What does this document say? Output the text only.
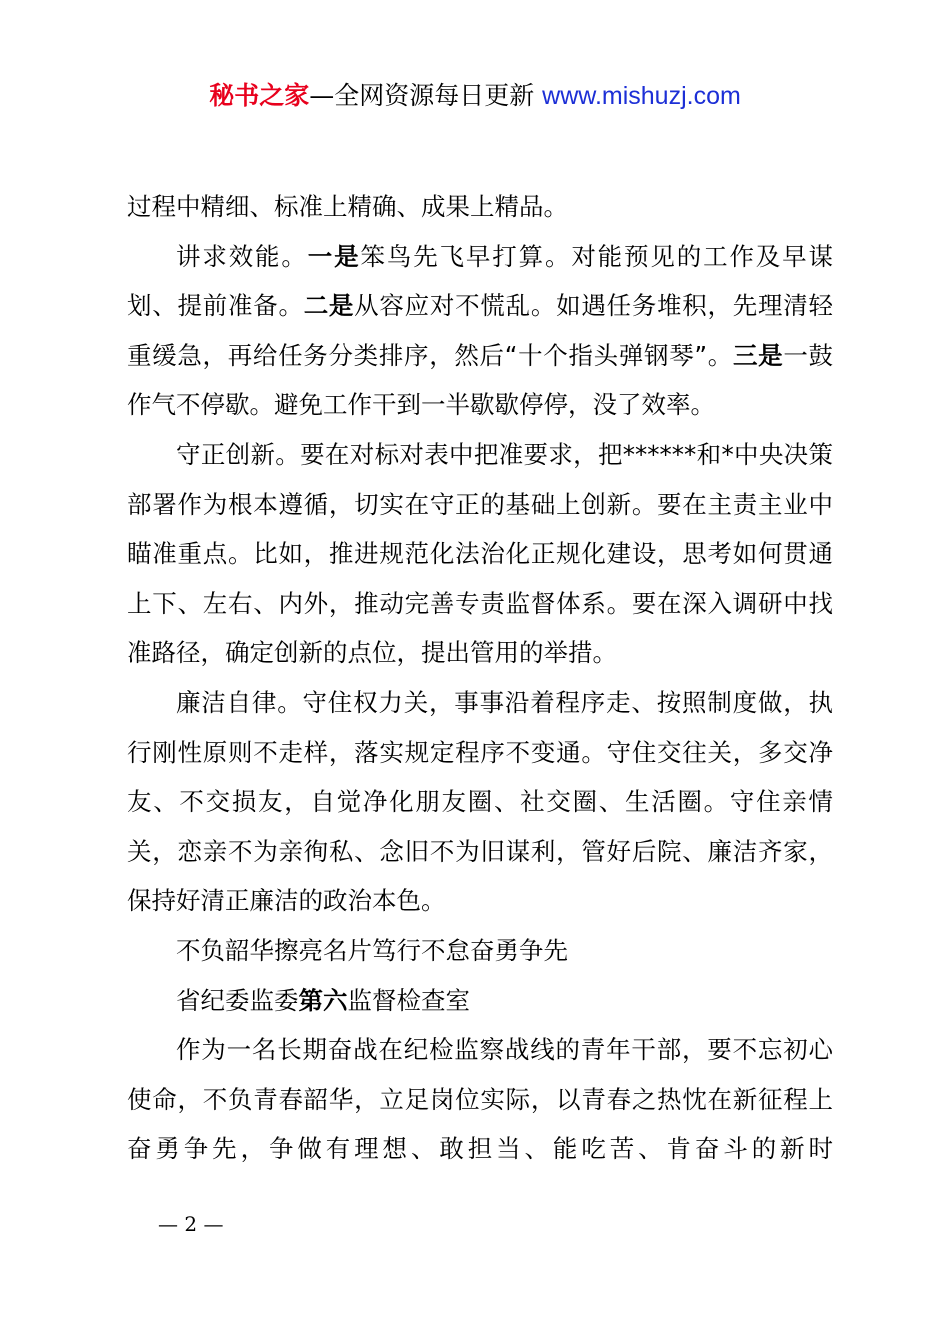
秘书之家—全网资源每日更新 www.mishuzj.com

过程中精细、标准上精确、成果上精品。

讲求效能。一是笨鸟先飞早打算。对能预见的工作及早谋划、提前准备。二是从容应对不慌乱。如遇任务堆积，先理清轻重缓急，再给任务分类排序，然后“十个指头弹钢琴”。三是一鼓作气不停歇。避免工作干到一半歇歇停停，没了效率。

守正创新。要在对标对表中把准要求，把******和*中央决策部署作为根本遵循，切实在守正的基础上创新。要在主责主业中瞄准重点。比如，推进规范化法治化正规化建设，思考如何贯通上下、左右、内外，推动完善专责监督体系。要在深入调研中找准路径，确定创新的点位，提出管用的举措。

廉洁自律。守住权力关，事事沿着程序走、按照制度做，执行刚性原则不走样，落实规定程序不变通。守住交往关，多交净友、不交损友，自觉净化朋友圈、社交圈、生活圈。守住亲情关，恋亲不为亲徇私、念旧不为旧谋利，管好后院、廉洁齐家，保持好清正廉洁的政治本色。

不负韶华擦亮名片笃行不怠奋勇争先

省纪委监委第六监督检查室

作为一名长期奋战在纪检监察战线的青年干部，要不忘初心使命，不负青春韶华，立足岗位实际，以青春之热忱在新征程上奋勇争先，争做有理想、敢担当、能吃苦、肯奋斗的新时

— 2 —
